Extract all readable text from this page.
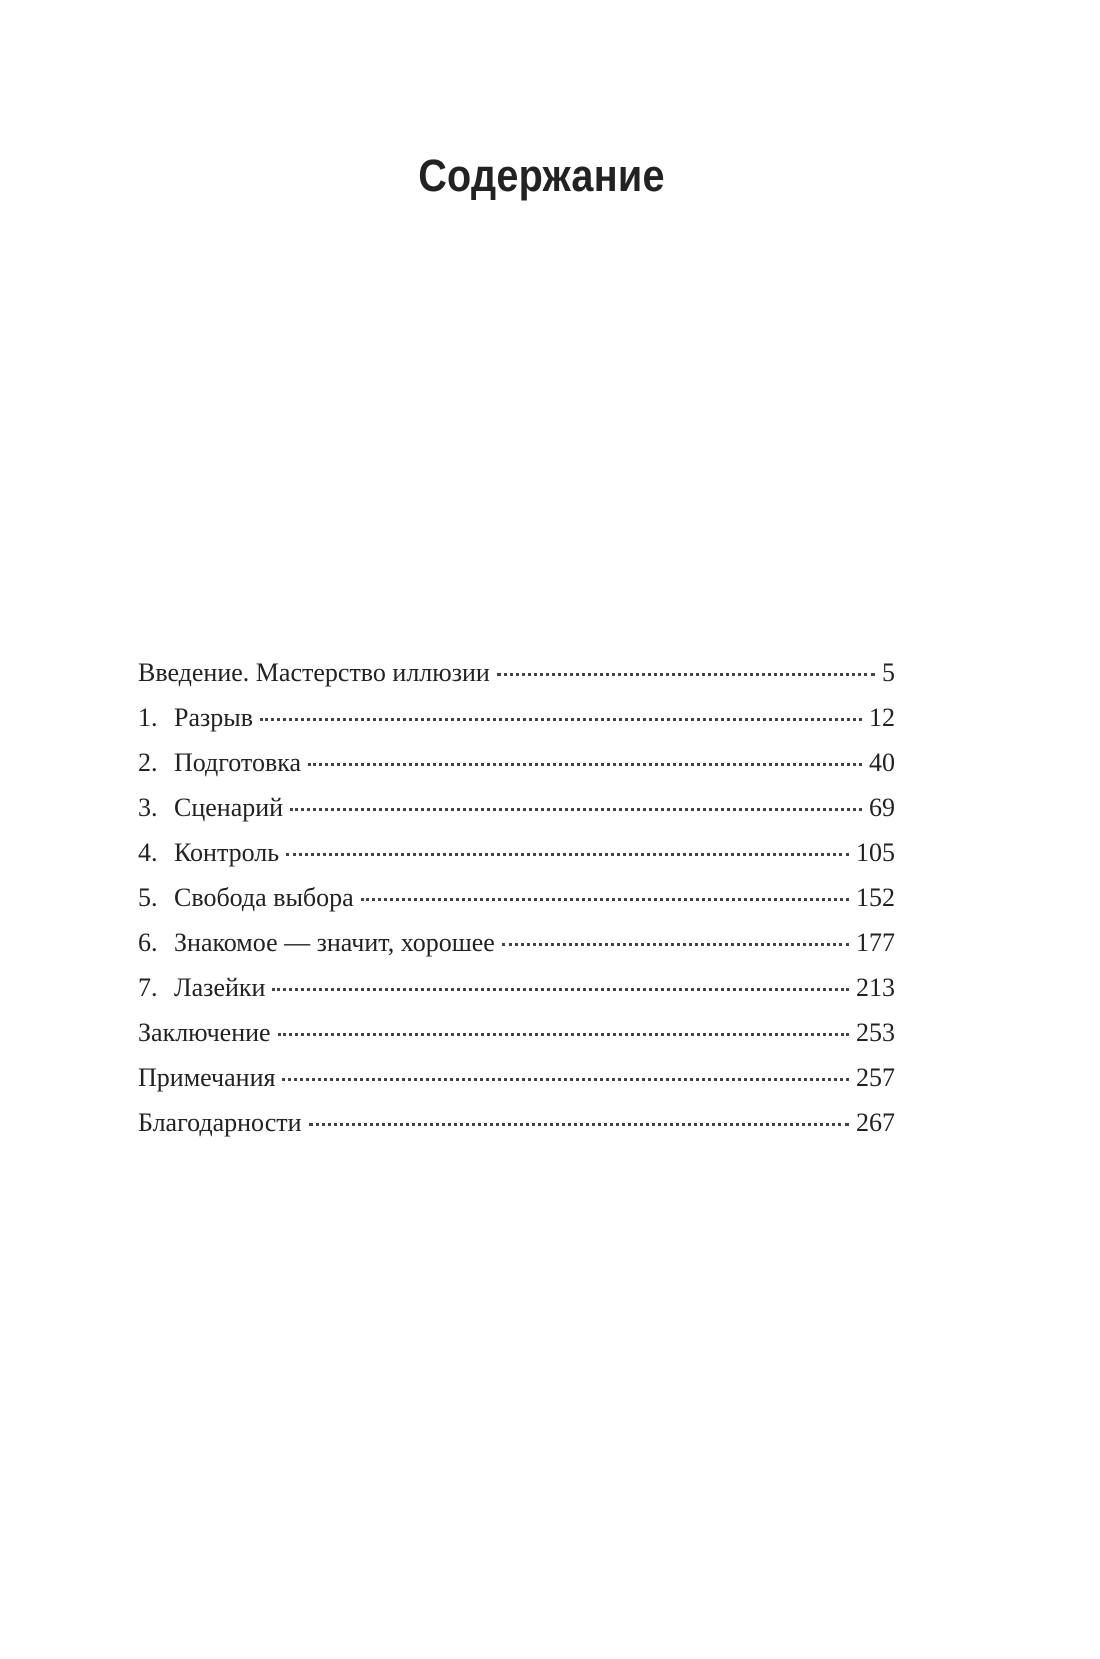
Содержание
Введение. Мастерство иллюзии	5
1. Разрыв	12
2. Подготовка	40
3. Сценарий	69
4. Контроль	105
5. Свобода выбора	152
6. Знакомое — значит, хорошее	177
7. Лазейки	213
Заключение	253
Примечания	257
Благодарности	267
